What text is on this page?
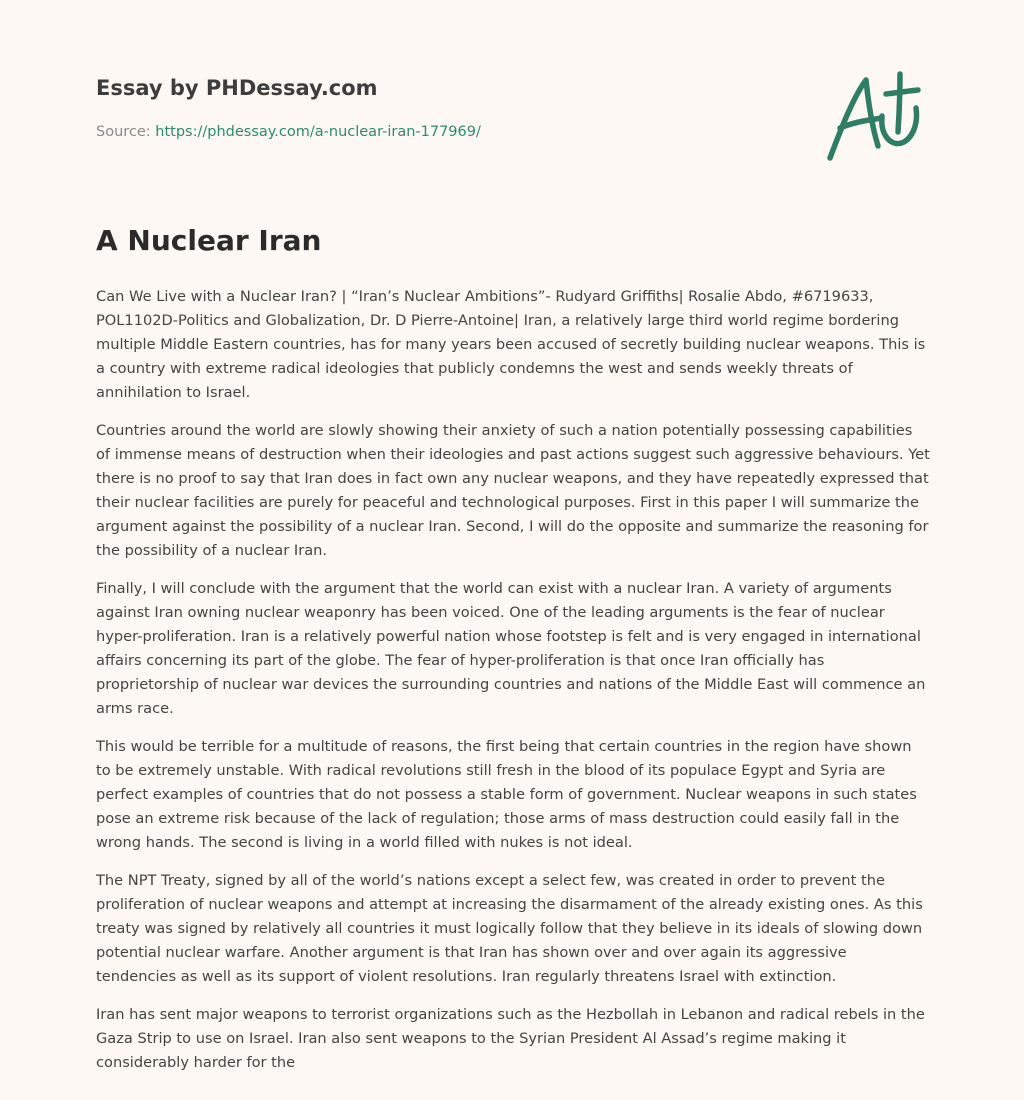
Essay by PHDessay.com
Source: https://phdessay.com/a-nuclear-iran-177969/
A Nuclear Iran

Can We Live with a Nuclear Iran? | “Iran’s Nuclear Ambitions”- Rudyard Griffiths| Rosalie Abdo, #6719633, POL1102D-Politics and Globalization, Dr. D Pierre-Antoine| Iran, a relatively large third world regime bordering multiple Middle Eastern countries, has for many years been accused of secretly building nuclear weapons. This is a country with extreme radical ideologies that publicly condemns the west and sends weekly threats of annihilation to Israel.

Countries around the world are slowly showing their anxiety of such a nation potentially possessing capabilities of immense means of destruction when their ideologies and past actions suggest such aggressive behaviours. Yet there is no proof to say that Iran does in fact own any nuclear weapons, and they have repeatedly expressed that their nuclear facilities are purely for peaceful and technological purposes. First in this paper I will summarize the argument against the possibility of a nuclear Iran. Second, I will do the opposite and summarize the reasoning for the possibility of a nuclear Iran.

Finally, I will conclude with the argument that the world can exist with a nuclear Iran. A variety of arguments against Iran owning nuclear weaponry has been voiced. One of the leading arguments is the fear of nuclear hyper-proliferation. Iran is a relatively powerful nation whose footstep is felt and is very engaged in international affairs concerning its part of the globe. The fear of hyper-proliferation is that once Iran officially has proprietorship of nuclear war devices the surrounding countries and nations of the Middle East will commence an arms race.

This would be terrible for a multitude of reasons, the first being that certain countries in the region have shown to be extremely unstable. With radical revolutions still fresh in the blood of its populace Egypt and Syria are perfect examples of countries that do not possess a stable form of government. Nuclear weapons in such states pose an extreme risk because of the lack of regulation; those arms of mass destruction could easily fall in the wrong hands. The second is living in a world filled with nukes is not ideal.

The NPT Treaty, signed by all of the world’s nations except a select few, was created in order to prevent the proliferation of nuclear weapons and attempt at increasing the disarmament of the already existing ones. As this treaty was signed by relatively all countries it must logically follow that they believe in its ideals of slowing down potential nuclear warfare. Another argument is that Iran has shown over and over again its aggressive tendencies as well as its support of violent resolutions. Iran regularly threatens Israel with extinction.

Iran has sent major weapons to terrorist organizations such as the Hezbollah in Lebanon and radical rebels in the Gaza Strip to use on Israel. Iran also sent weapons to the Syrian President Al Assad’s regime making it considerably harder for the
